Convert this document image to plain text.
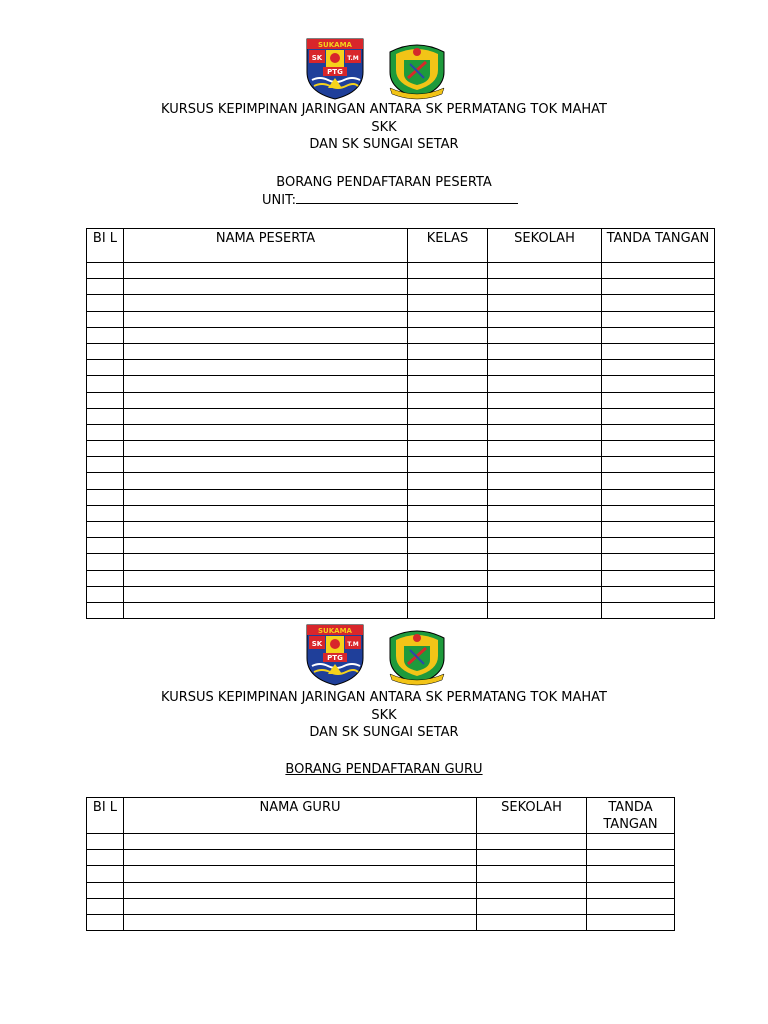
SUKAMA
SK	T.M
PTG
KURSUS KEPIMPINAN JARINGAN ANTARA SK PERMATANG TOK MAHAT
SKK
DAN SK SUNGAI SETAR
BORANG PENDAFTARAN PESERTA
UNIT:
BI L	NAMA PESERTA	KELAS	SEKOLAH	TANDA TANGAN

SUKAMA
SK	T.M
PTG
KURSUS KEPIMPINAN JARINGAN ANTARA SK PERMATANG TOK MAHAT
SKK
DAN SK SUNGAI SETAR
BORANG PENDAFTARAN GURU
BI L	NAMA GURU	SEKOLAH	TANDA TANGAN
